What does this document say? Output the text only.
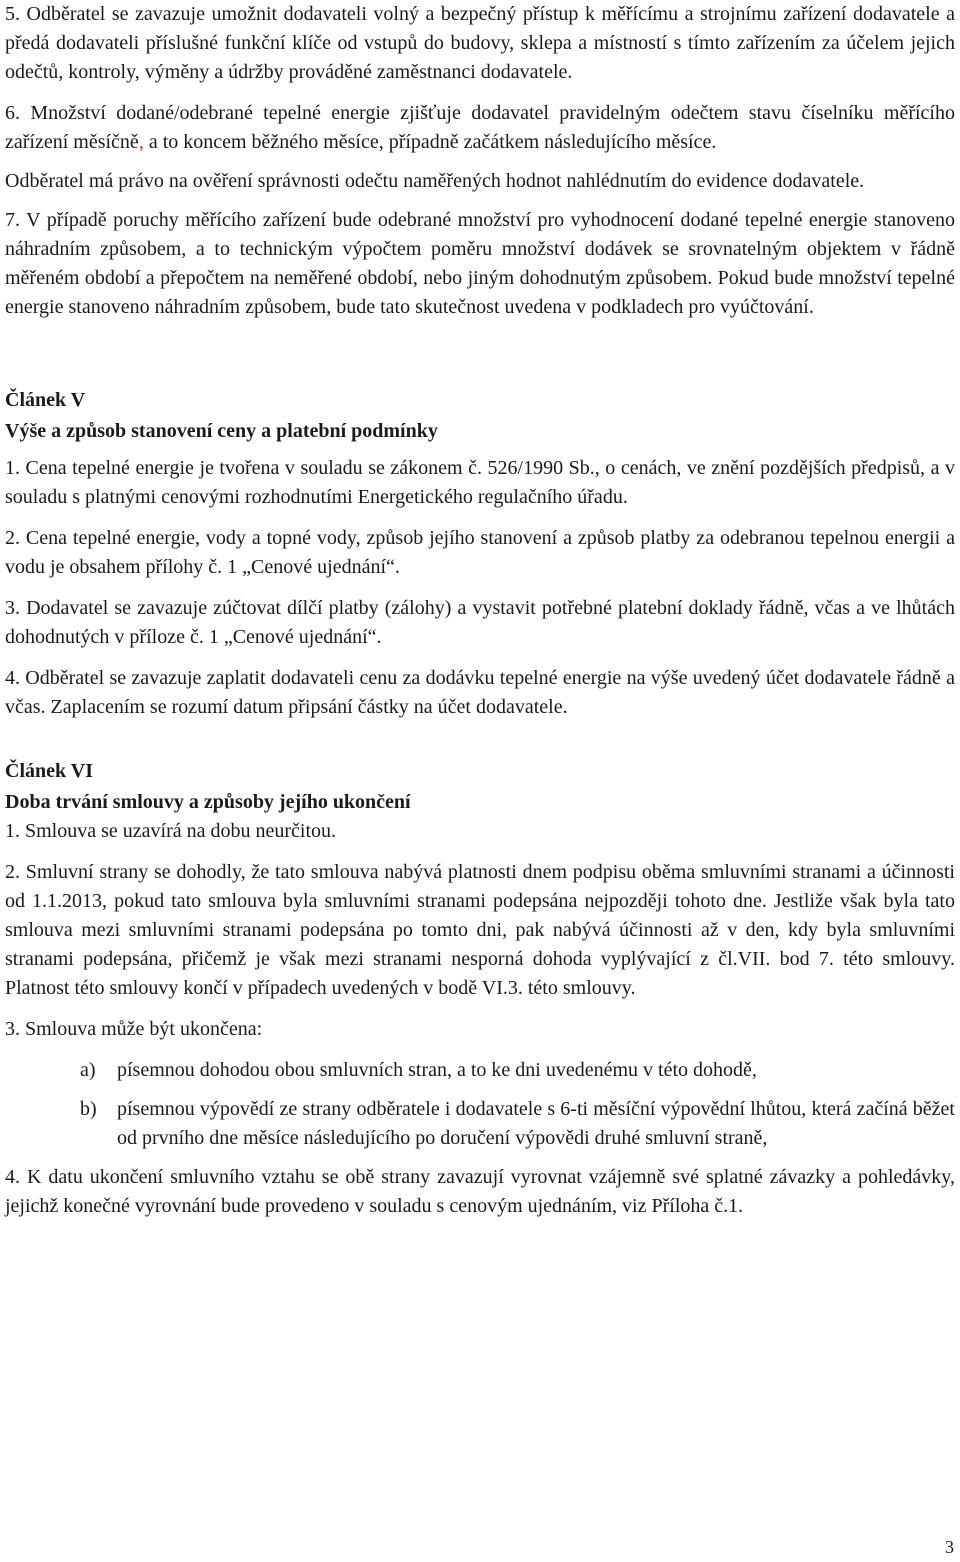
5. Odběratel se zavazuje umožnit dodavateli volný a bezpečný přístup k měřícímu a strojnímu zařízení dodavatele a předá dodavateli příslušné funkční klíče od vstupů do budovy, sklepa a místností s tímto zařízením za účelem jejich odečtů, kontroly, výměny a údržby prováděné zaměstnanci dodavatele.

6. Množství dodané/odebrané tepelné energie zjišťuje dodavatel pravidelným odečtem stavu číselníku měřícího zařízení měsíčně, a to koncem běžného měsíce, případně začátkem následujícího měsíce.

Odběratel má právo na ověření správnosti odečtu naměřených hodnot nahlédnutím do evidence dodavatele.

7. V případě poruchy měřícího zařízení bude odebrané množství pro vyhodnocení dodané tepelné energie stanoveno náhradním způsobem, a to technickým výpočtem poměru množství dodávek se srovnatelným objektem v řádně měřeném období a přepočtem na neměřené období, nebo jiným dohodnutým způsobem. Pokud bude množství tepelné energie stanoveno náhradním způsobem, bude tato skutečnost uvedena v podkladech pro vyúčtování.

Článek V

Výše a způsob stanovení ceny a platební podmínky

1. Cena tepelné energie je tvořena v souladu se zákonem č. 526/1990 Sb., o cenách, ve znění pozdějších předpisů, a v souladu s platnými cenovými rozhodnutími Energetického regulačního úřadu.

2. Cena tepelné energie, vody a topné vody, způsob jejího stanovení a způsob platby za odebranou tepelnou energii a vodu je obsahem přílohy č. 1 „Cenové ujednání“.

3. Dodavatel se zavazuje zúčtovat dílčí platby (zálohy) a vystavit potřebné platební doklady řádně, včas a ve lhůtách dohodnutých v příloze č. 1 „Cenové ujednání“.

4. Odběratel se zavazuje zaplatit dodavateli cenu za dodávku tepelné energie na výše uvedený účet dodavatele řádně a včas. Zaplacením se rozumí datum připsání částky na účet dodavatele.

Článek VI

Doba trvání smlouvy a způsoby jejího ukončení

1. Smlouva se uzavírá na dobu neurčitou.

2. Smluvní strany se dohodly, že tato smlouva nabývá platnosti dnem podpisu oběma smluvními stranami a účinnosti od 1.1.2013, pokud tato smlouva byla smluvními stranami podepsána nejpozději tohoto dne. Jestliže však byla tato smlouva mezi smluvními stranami podepsána po tomto dni, pak nabývá účinnosti až v den, kdy byla smluvními stranami podepsána, přičemž je však mezi stranami nesporná dohoda vyplývající z čl.VII. bod 7. této smlouvy. Platnost této smlouvy končí v případech uvedených v bodě VI.3. této smlouvy.

3. Smlouva může být ukončena:

a)	písemnou dohodou obou smluvních stran, a to ke dni uvedenému v této dohodě,
b)	písemnou výpovědí ze strany odběratele i dodavatele s 6-ti měsíční výpovědní lhůtou, která začíná běžet od prvního dne měsíce následujícího po doručení výpovědi druhé smluvní straně,

4. K datu ukončení smluvního vztahu se obě strany zavazují vyrovnat vzájemně své splatné závazky a pohledávky, jejichž konečné vyrovnání bude provedeno v souladu s cenovým ujednáním, viz Příloha č.1.

3
